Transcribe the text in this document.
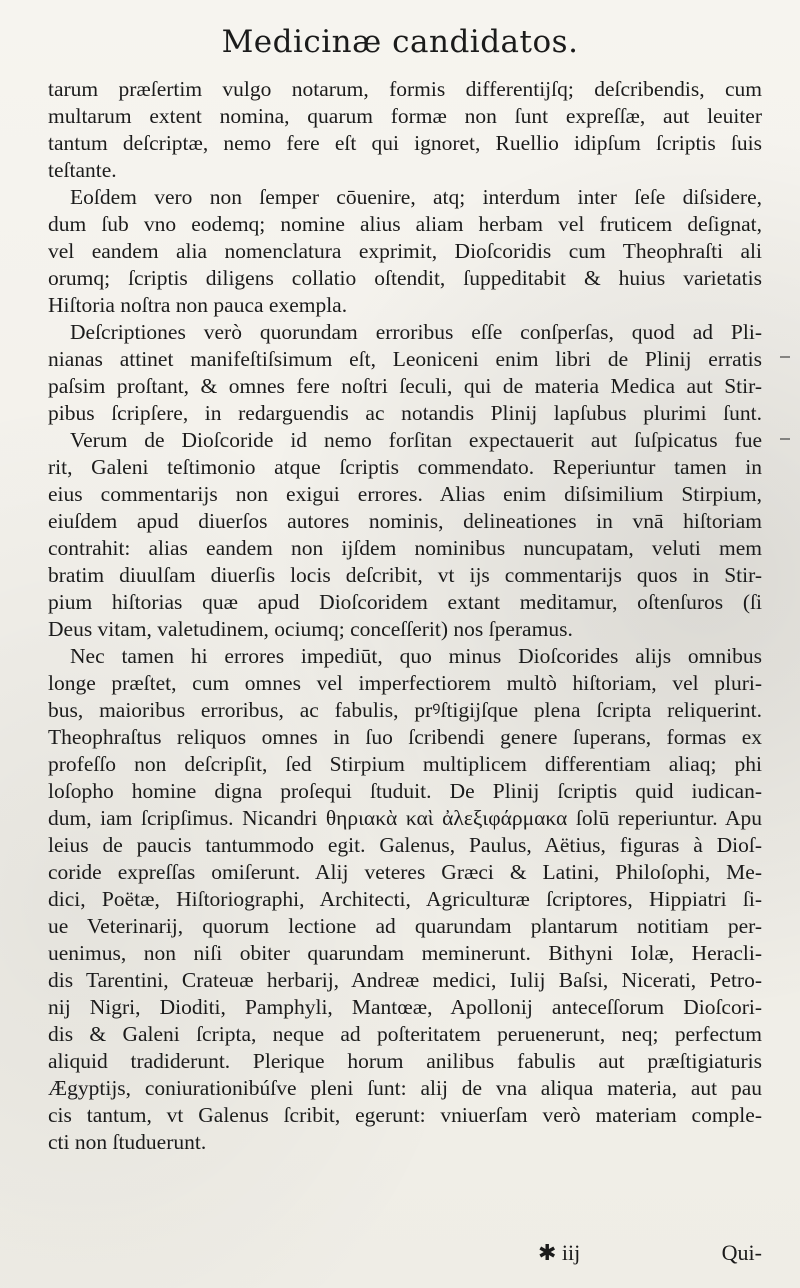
Medicinæ candidatos.
tarum præſertim vulgo notarum, formis differentijſq; deſcribendis, cum
multarum extent nomina, quarum formæ non ſunt expreſſæ, aut leuiter
tantum deſcriptæ, nemo fere eſt qui ignoret, Ruellio idipſum ſcriptis ſuis
teſtante.
Eoſdem vero non ſemper cōuenire, atq; interdum inter ſeſe diſsidere,
dum ſub vno eodemq; nomine alius aliam herbam vel fruticem deſignat,
vel eandem alia nomenclatura exprimit, Dioſcoridis cum Theophraſti ali
orumq; ſcriptis diligens collatio oſtendit, ſuppeditabit & huius varietatis
Hiſtoria noſtra non pauca exempla.
Deſcriptiones verò quorundam erroribus eſſe conſperſas, quod ad Pli-
nianas attinet manifeſtiſsimum eſt, Leoniceni enim libri de Plinij erratis
paſsim proſtant, & omnes fere noſtri ſeculi, qui de materia Medica aut Stir-
pibus ſcripſere, in redarguendis ac notandis Plinij lapſubus plurimi ſunt.
Verum de Dioſcoride id nemo forſitan expectauerit aut ſuſpicatus fue
rit, Galeni teſtimonio atque ſcriptis commendato. Reperiuntur tamen in
eius commentarijs non exigui errores. Alias enim diſsimilium Stirpium,
eiuſdem apud diuerſos autores nominis, delineationes in vnā hiſtoriam
contrahit: alias eandem non ijſdem nominibus nuncupatam, veluti mem
bratim diuulſam diuerſis locis deſcribit, vt ijs commentarijs quos in Stir-
pium hiſtorias quæ apud Dioſcoridem extant meditamur, oſtenſuros (ſi
Deus vitam, valetudinem, ociumq; conceſſerit) nos ſperamus.
Nec tamen hi errores impediūt, quo minus Dioſcorides alijs omnibus
longe præſtet, cum omnes vel imperfectiorem multò hiſtoriam, vel pluri-
bus, maioribus erroribus, ac fabulis, prꝰſtigijſque plena ſcripta reliquerint.
Theophraſtus reliquos omnes in ſuo ſcribendi genere ſuperans, formas ex
profeſſo non deſcripſit, ſed Stirpium multiplicem differentiam aliaq; phi
loſopho homine digna proſequi ſtuduit. De Plinij ſcriptis quid iudican-
dum, iam ſcripſimus. Nicandri θηριακὰ καὶ ἀλεξιφάρμακα ſolū reperiuntur. Apu
leius de paucis tantummodo egit. Galenus, Paulus, Aëtius, figuras à Dioſ-
coride expreſſas omiſerunt. Alij veteres Græci & Latini, Philoſophi, Me-
dici, Poëtæ, Hiſtoriographi, Architecti, Agriculturæ ſcriptores, Hippiatri ſi-
ue Veterinarij, quorum lectione ad quarundam plantarum notitiam per-
uenimus, non niſi obiter quarundam meminerunt. Bithyni Iolæ, Heracli-
dis Tarentini, Crateuæ herbarij, Andreæ medici, Iulij Baſsi, Nicerati, Petro-
nij Nigri, Dioditi, Pamphyli, Mantœæ, Apollonij anteceſſorum Dioſcori-
dis & Galeni ſcripta, neque ad poſteritatem peruenerunt, neq; perfectum
aliquid tradiderunt. Plerique horum anilibus fabulis aut præſtigiaturis
Ægyptijs, coniurationibúſve pleni ſunt: alij de vna aliqua materia, aut pau
cis tantum, vt Galenus ſcribit, egerunt: vniuerſam verò materiam comple-
cti non ſtuduerunt.
✱ iij	Qui-
